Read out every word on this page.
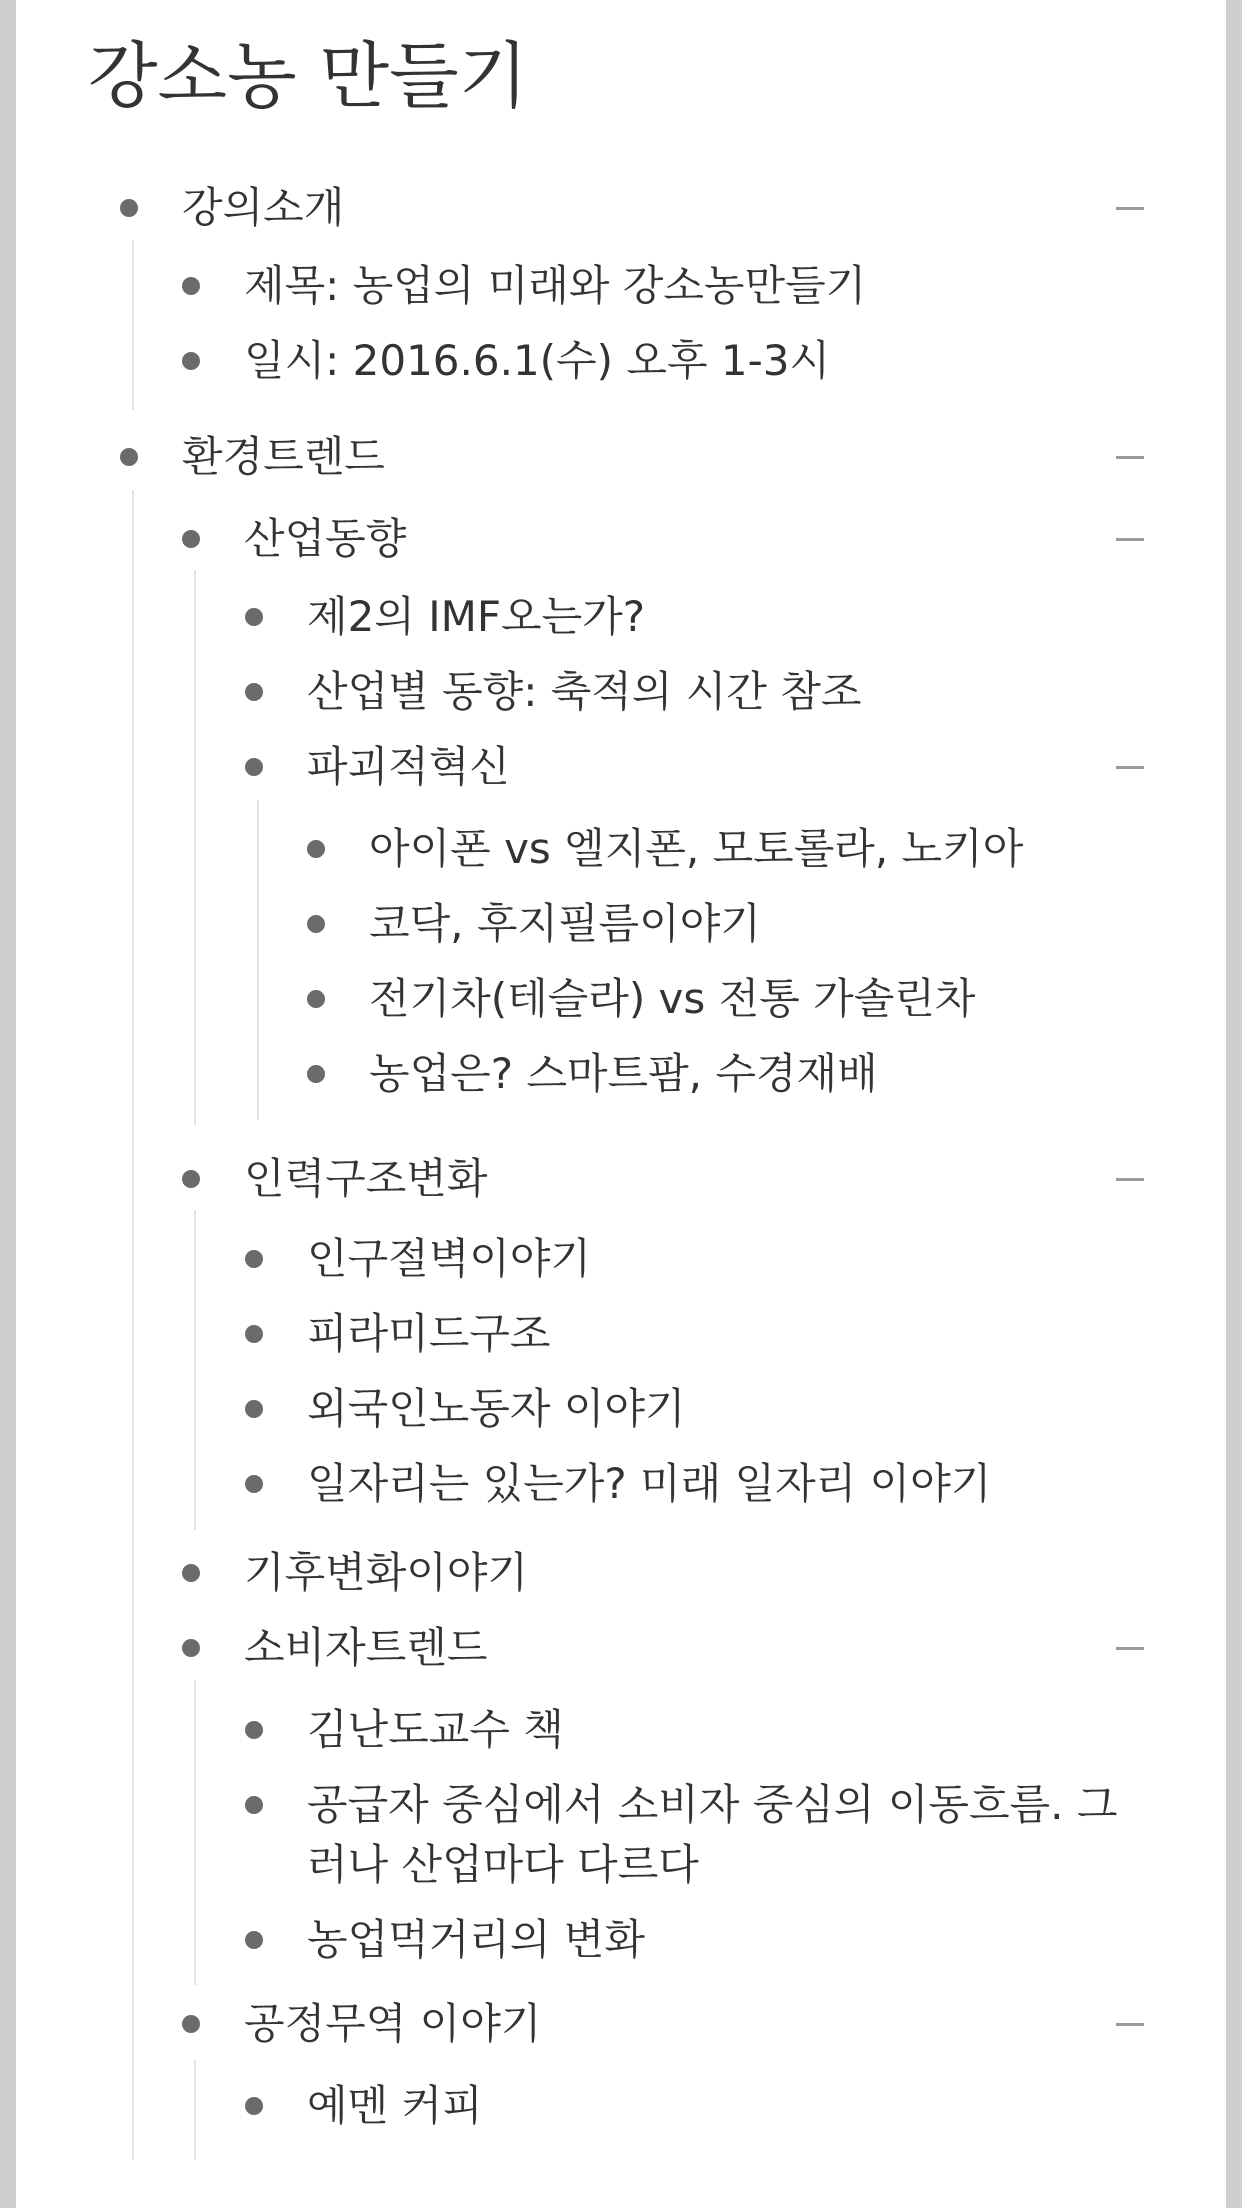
강소농 만들기
강의소개
제목: 농업의 미래와 강소농만들기
일시: 2016.6.1(수) 오후 1-3시
환경트렌드
산업동향
제2의 IMF오는가?
산업별 동향: 축적의 시간 참조
파괴적혁신
아이폰 vs 엘지폰, 모토롤라, 노키아
코닥, 후지필름이야기
전기차(테슬라) vs 전통 가솔린차
농업은? 스마트팜, 수경재배
인력구조변화
인구절벽이야기
피라미드구조
외국인노동자 이야기
일자리는 있는가? 미래 일자리 이야기
기후변화이야기
소비자트렌드
김난도교수 책
공급자 중심에서 소비자 중심의 이동흐름. 그러나 산업마다 다르다
농업먹거리의 변화
공정무역 이야기
예멘 커피
